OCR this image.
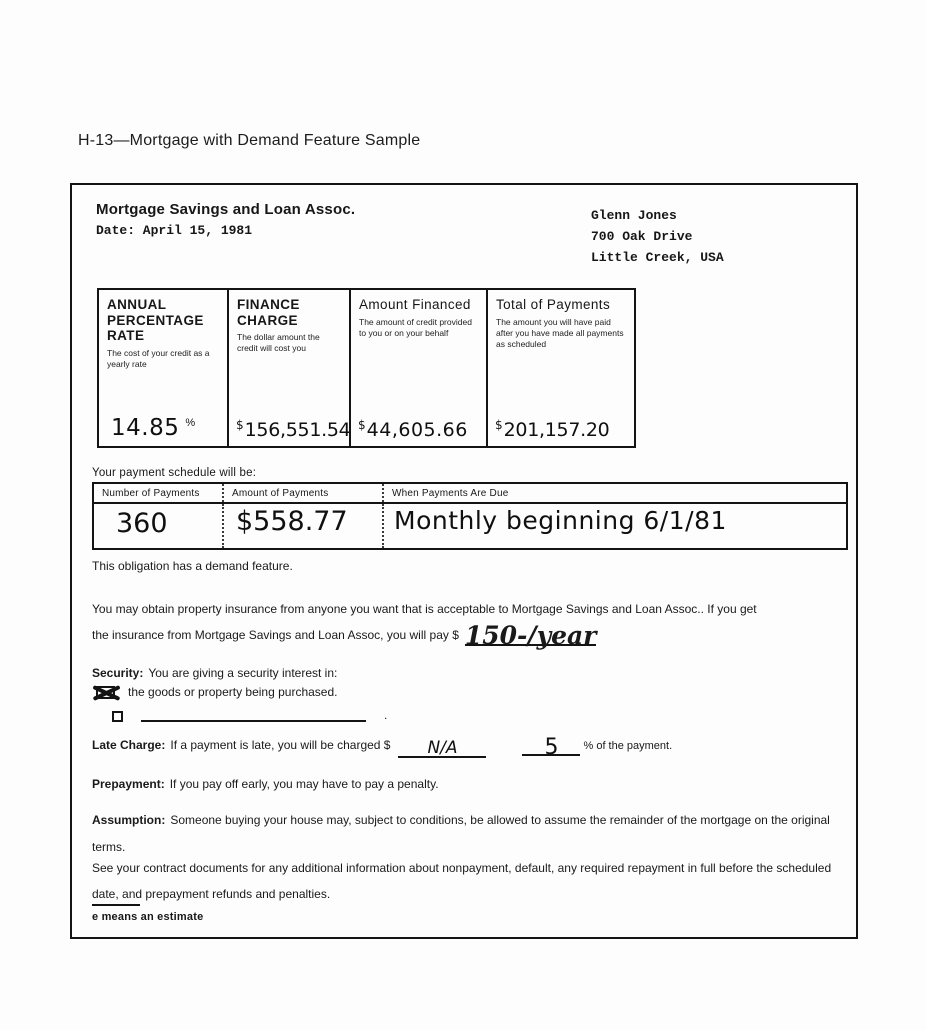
H-13—Mortgage with Demand Feature Sample
Mortgage Savings and Loan Assoc.
Date: April 15, 1981
Glenn Jones
700 Oak Drive
Little Creek, USA
ANNUAL PERCENTAGE RATE
The cost of your credit as a yearly rate
14.85 %
FINANCE CHARGE
The dollar amount the credit will cost you
$156,551.54
Amount Financed
The amount of credit provided to you or on your behalf
$44,605.66
Total of Payments
The amount you will have paid after you have made all payments as scheduled
$201,157.20
Your payment schedule will be:
Number of Payments	Amount of Payments	When Payments Are Due
360	$558.77	Monthly beginning 6/1/81
This obligation has a demand feature.
You may obtain property insurance from anyone you want that is acceptable to Mortgage Savings and Loan Assoc.. If you get
the insurance from Mortgage Savings and Loan Assoc, you will pay $ 150-/year
Security: You are giving a security interest in:
the goods or property being purchased.
.
Late Charge: If a payment is late, you will be charged $ N/A	5 % of the payment.
Prepayment: If you pay off early, you may have to pay a penalty.
Assumption: Someone buying your house may, subject to conditions, be allowed to assume the remainder of the mortgage on the original terms.
See your contract documents for any additional information about nonpayment, default, any required repayment in full before the scheduled date, and prepayment refunds and penalties.
e means an estimate
